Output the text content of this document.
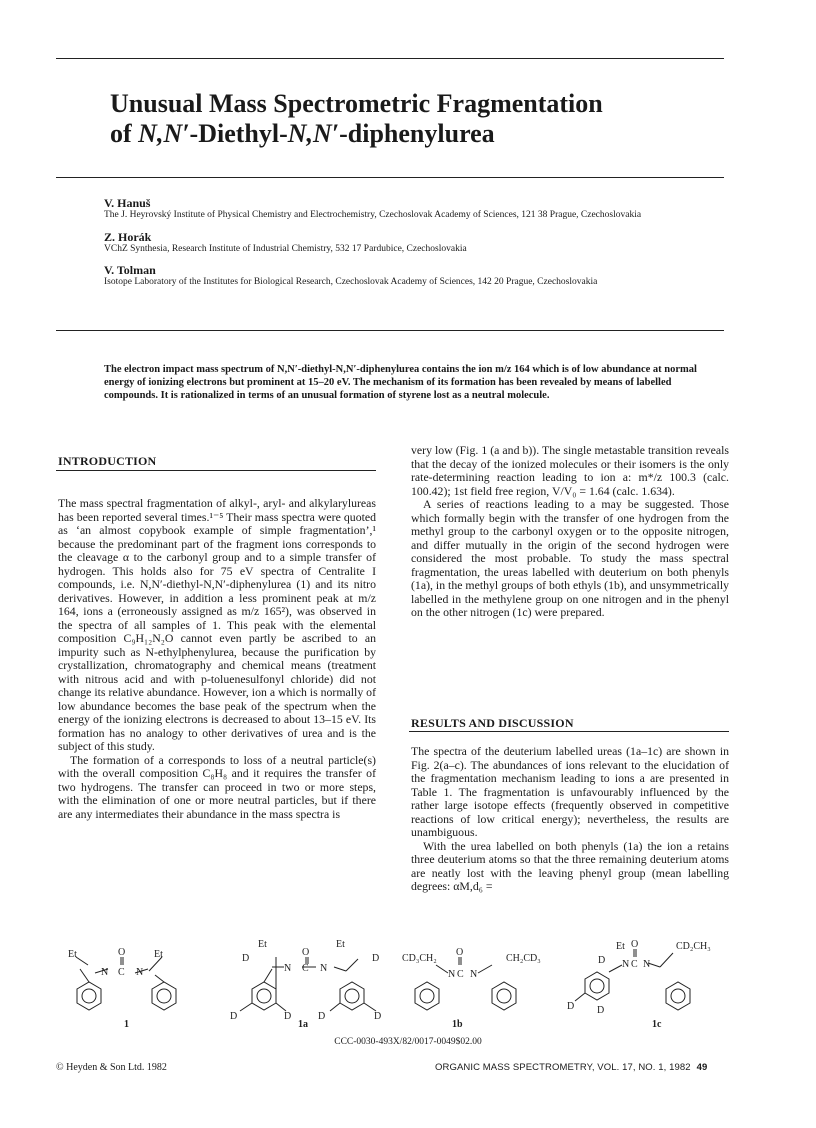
Unusual Mass Spectrometric Fragmentation
of N,N′-Diethyl-N,N′-diphenylurea
V. Hanuš
The J. Heyrovský Institute of Physical Chemistry and Electrochemistry, Czechoslovak Academy of Sciences, 121 38 Prague, Czechoslovakia
Z. Horák
VChZ Synthesia, Research Institute of Industrial Chemistry, 532 17 Pardubice, Czechoslovakia
V. Tolman
Isotope Laboratory of the Institutes for Biological Research, Czechoslovak Academy of Sciences, 142 20 Prague, Czechoslovakia

The electron impact mass spectrum of N,N′-diethyl-N,N′-diphenylurea contains the ion m/z 164 which is of low abundance at normal energy of ionizing electrons but prominent at 15–20 eV. The mechanism of its formation has been revealed by means of labelled compounds. It is rationalized in terms of an unusual formation of styrene lost as a neutral molecule.

INTRODUCTION

The mass spectral fragmentation of alkyl-, aryl- and alkylarylureas has been reported several times.¹⁻⁵ Their mass spectra were quoted as ‘an almost copybook example of simple fragmentation’,¹ because the predominant part of the fragment ions corresponds to the cleavage α to the carbonyl group and to a simple transfer of hydrogen. This holds also for 75 eV spectra of Centralite I compounds, i.e. N,N′-diethyl-N,N′-diphenylurea (1) and its nitro derivatives. However, in addition a less prominent peak at m/z 164, ions a (erroneously assigned as m/z 165²), was observed in the spectra of all samples of 1. This peak with the elemental composition C₉H₁₂N₂O cannot even partly be ascribed to an impurity such as N-ethylphenylurea, because the purification by crystallization, chromatography and chemical means (treatment with nitrous acid and with p-toluenesulfonyl chloride) did not change its relative abundance. However, ion a which is normally of low abundance becomes the base peak of the spectrum when the energy of the ionizing electrons is decreased to about 13–15 eV. Its formation has no analogy to other derivatives of urea and is the subject of this study.

The formation of a corresponds to loss of a neutral particle(s) with the overall composition C₈H₈ and it requires the transfer of two hydrogens. The transfer can proceed in two or more steps, with the elimination of one or more neutral particles, but if there are any intermediates their abundance in the mass spectra is

very low (Fig. 1 (a and b)). The single metastable transition reveals that the decay of the ionized molecules or their isomers is the only rate-determining reaction leading to ion a: m*/z 100.3 (calc. 100.42); 1st field free region, V/V₀ = 1.64 (calc. 1.634).

A series of reactions leading to a may be suggested. Those which formally begin with the transfer of one hydrogen from the methyl group to the carbonyl oxygen or to the opposite nitrogen, and differ mutually in the origin of the second hydrogen were considered the most probable. To study the mass spectral fragmentation, the ureas labelled with deuterium on both phenyls (1a), in the methyl groups of both ethyls (1b), and unsymmetrically labelled in the methylene group on one nitrogen and in the phenyl on the other nitrogen (1c) were prepared.

RESULTS AND DISCUSSION

The spectra of the deuterium labelled ureas (1a–1c) are shown in Fig. 2(a–c). The abundances of ions relevant to the elucidation of the fragmentation mechanism leading to ions a are presented in Table 1. The fragmentation is unfavourably influenced by the rather large isotope effects (frequently observed in competitive reactions of low critical energy); nevertheless, the results are unambiguous.

With the urea labelled on both phenyls (1a) the ion a retains three deuterium atoms so that the three remaining deuterium atoms are neatly lost with the leaving phenyl group (mean labelling degrees: αM,d₆ =

Et	Et
N C N
O
1
Et	Et
D	D
N C N
O
D	D	D	D
1a
CD₃CH₂	CH₂CD₃
N C N
O
1b
Et	CD₂CH₃
D N C N
O
D D
1c
CCC-0030-493X/82/0017-0049$02.00
© Heyden & Son Ltd. 1982	ORGANIC MASS SPECTROMETRY, VOL. 17, NO. 1, 1982 49
